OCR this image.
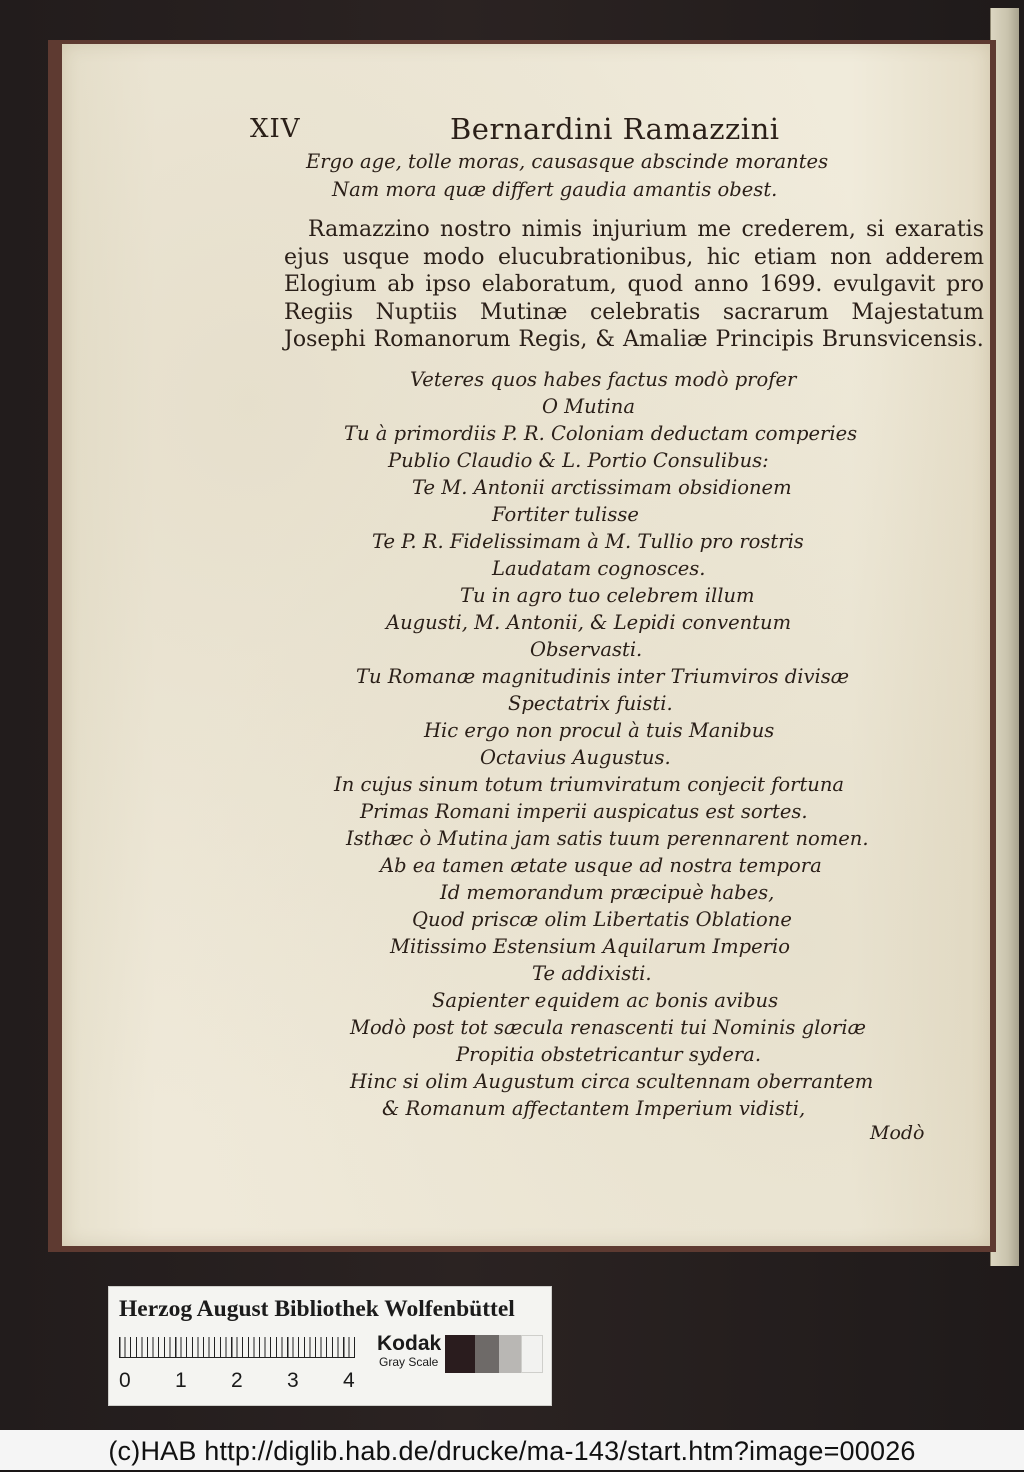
XIV	Bernardini Ramazzini
Ergo age, tolle moras, causasque abscinde morantes
Nam mora quæ differt gaudia amantis obest.
Ramazzino nostro nimis injurium me crederem, si exaratis ejus usque modo elucubrationibus, hic etiam non adderem Elogium ab ipso elaboratum, quod anno 1699. evulgavit pro Regiis Nuptiis Mutinæ celebratis sacrarum Majestatum Josephi Romanorum Regis, & Amaliæ Principis Brunsvicensis.
Veteres quos habes factus modò profer
O Mutina
Tu à primordiis P. R. Coloniam deductam comperies
Publio Claudio & L. Portio Consulibus:
Te M. Antonii arctissimam obsidionem
Fortiter tulisse
Te P. R. Fidelissimam à M. Tullio pro rostris
Laudatam cognosces.
Tu in agro tuo celebrem illum
Augusti, M. Antonii, & Lepidi conventum
Observasti.
Tu Romanæ magnitudinis inter Triumviros divisæ
Spectatrix fuisti.
Hic ergo non procul à tuis Manibus
Octavius Augustus.
In cujus sinum totum triumviratum conjecit fortuna
Primas Romani imperii auspicatus est sortes.
Isthæc ò Mutina jam satis tuum perennarent nomen.
Ab ea tamen ætate usque ad nostra tempora
Id memorandum præcipuè habes,
Quod priscæ olim Libertatis Oblatione
Mitissimo Estensium Aquilarum Imperio
Te addixisti.
Sapienter equidem ac bonis avibus
Modò post tot sæcula renascenti tui Nominis gloriæ
Propitia obstetricantur sydera.
Hinc si olim Augustum circa scultennam oberrantem
& Romanum affectantem Imperium vidisti,
Modò
Herzog August Bibliothek Wolfenbüttel
0 1 2 3 4
Kodak
Gray Scale
(c)HAB http://diglib.hab.de/drucke/ma-143/start.htm?image=00026
